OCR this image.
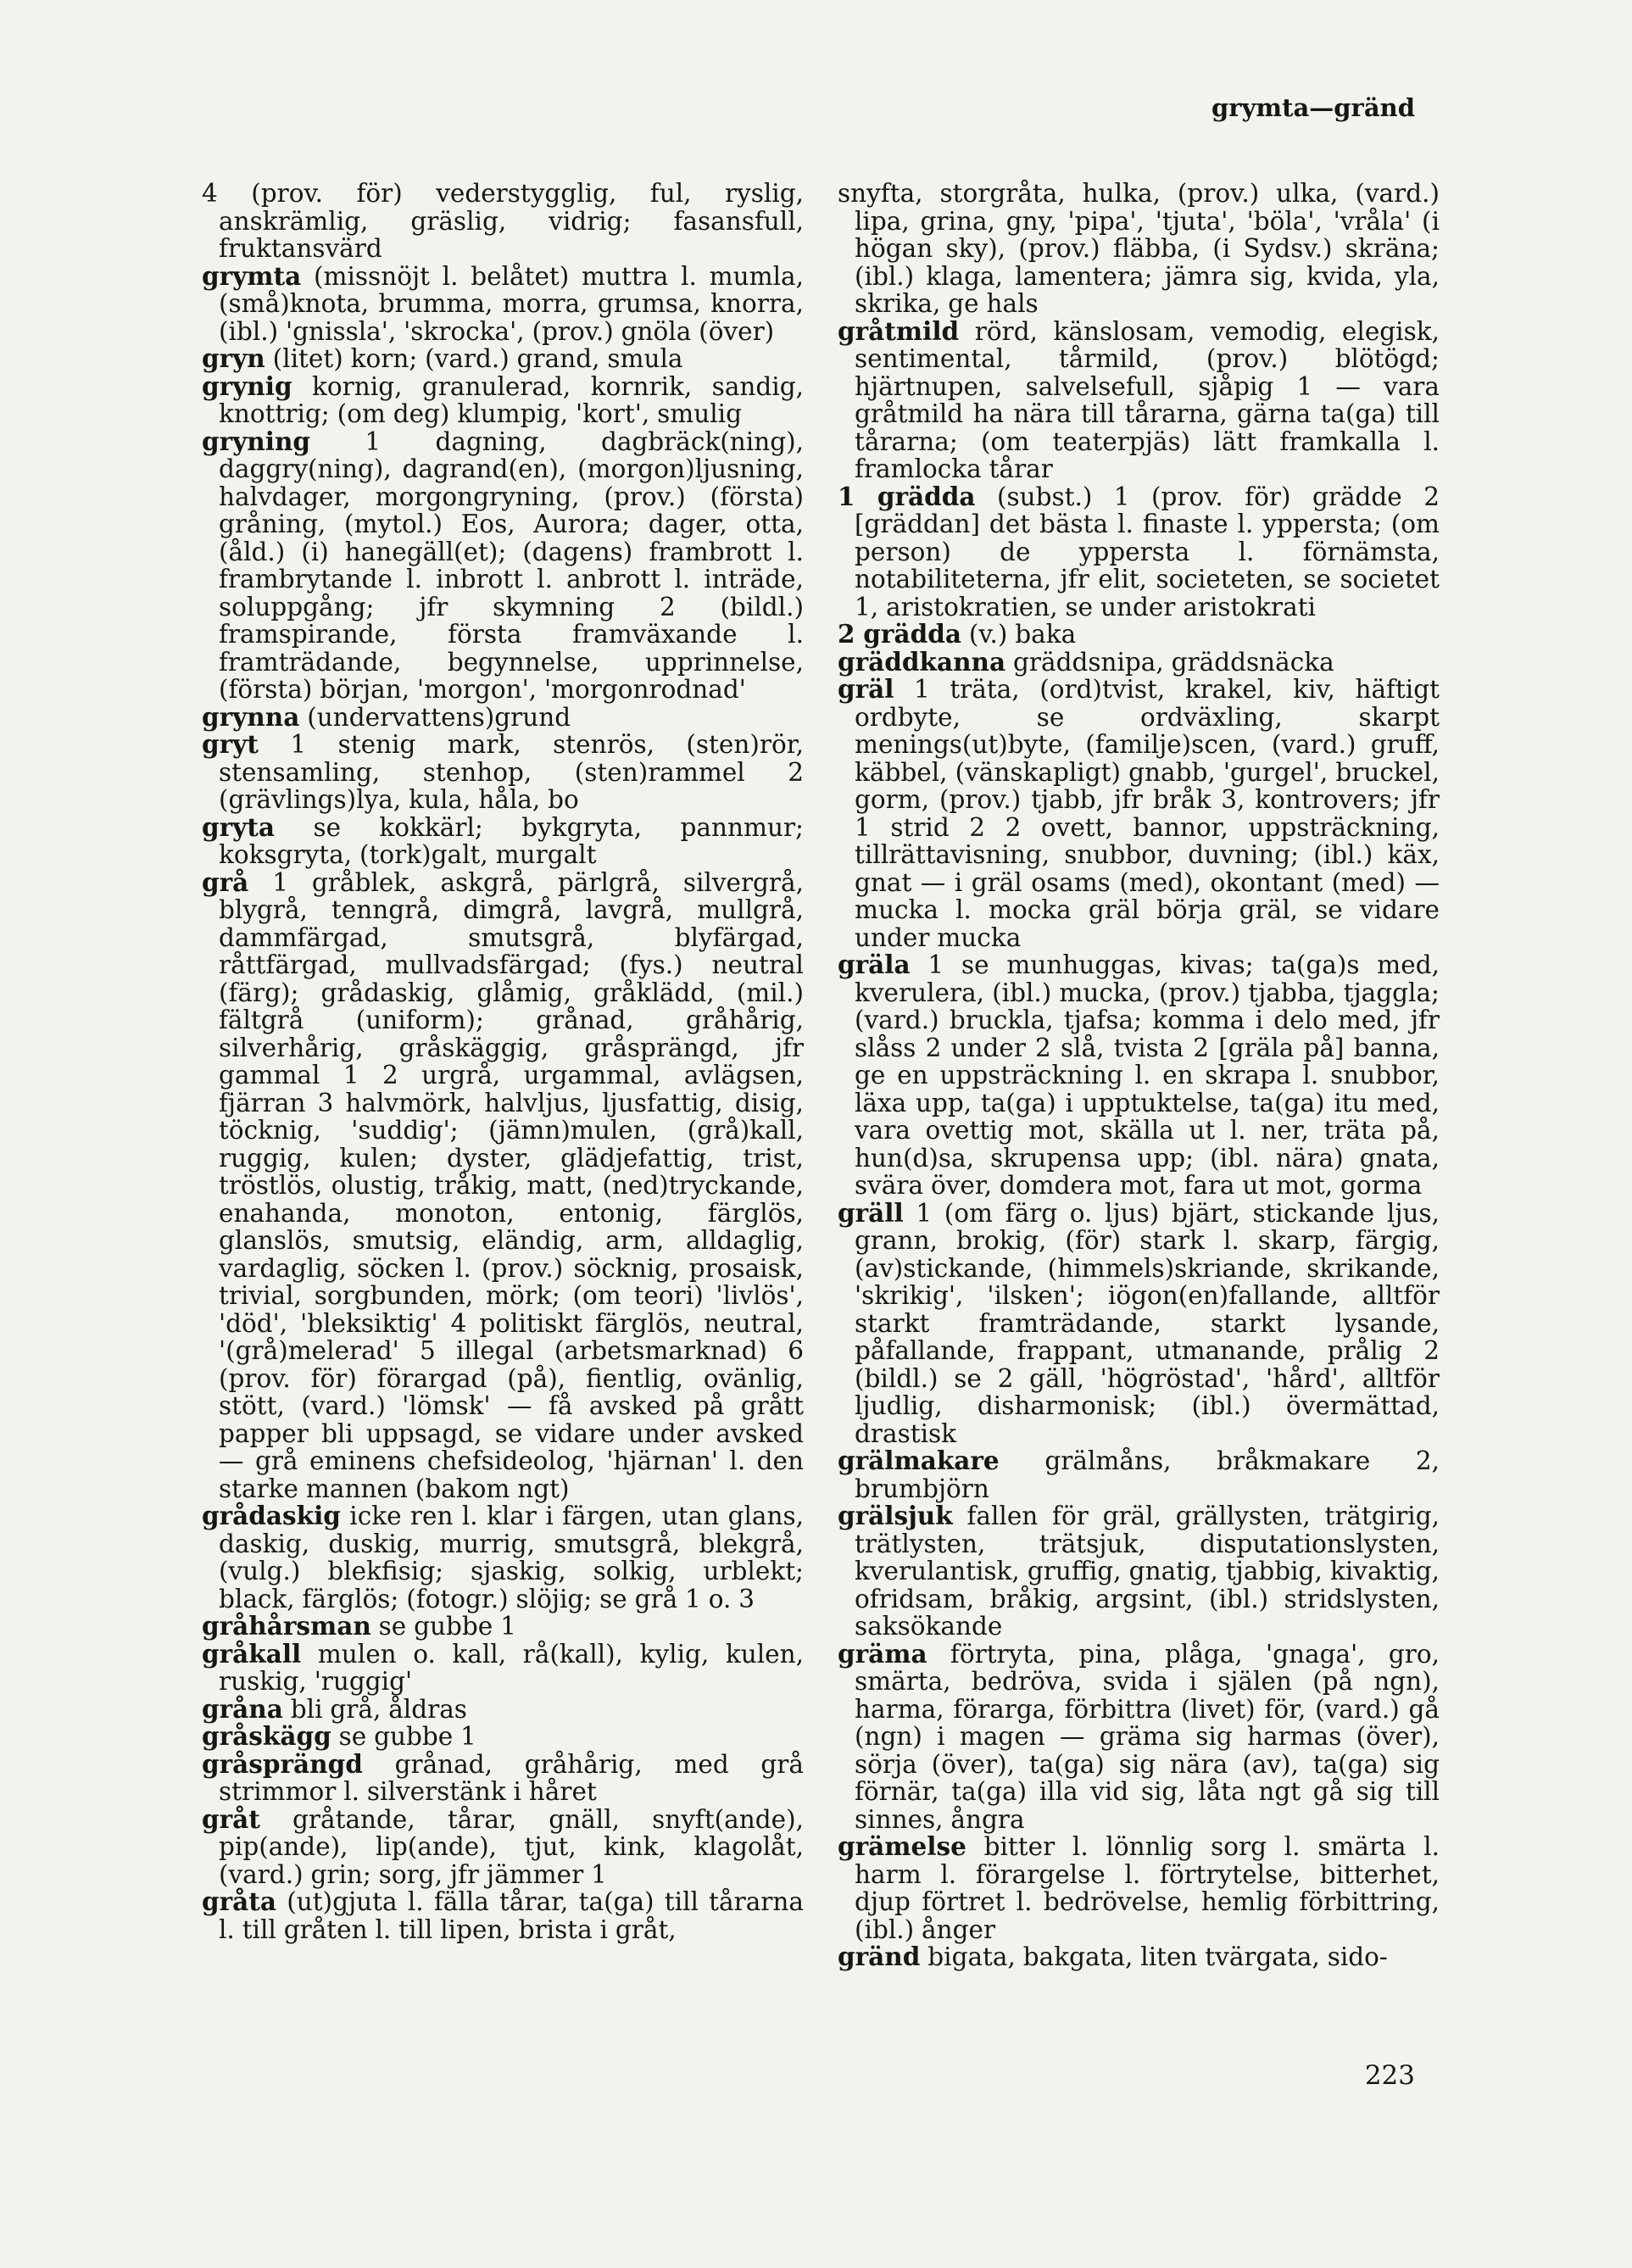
grymta—gränd

4 (prov. för) vederstygglig, ful, ryslig, anskrämlig, gräslig, vidrig; fasansfull, fruktansvärd

grymta (missnöjt l. belåtet) muttra l. mumla, (små)knota, brumma, morra, grumsa, knorra, (ibl.) 'gnissla', 'skrocka', (prov.) gnöla (över)

gryn (litet) korn; (vard.) grand, smula

grynig kornig, granulerad, kornrik, sandig, knottrig; (om deg) klumpig, 'kort', smulig

gryning 1 dagning, dagbräck(ning), daggry(ning), dagrand(en), (morgon)ljusning, halvdager, morgongryning, (prov.) (första) gråning, (mytol.) Eos, Aurora; dager, otta, (åld.) (i) hanegäll(et); (dagens) frambrott l. frambrytande l. inbrott l. anbrott l. inträde, soluppgång; jfr skymning 2 (bildl.) framspirande, första framväxande l. framträdande, begynnelse, upprinnelse, (första) början, 'morgon', 'morgonrodnad'

grynna (undervattens)grund

gryt 1 stenig mark, stenrös, (sten)rör, stensamling, stenhop, (sten)rammel 2 (grävlings)lya, kula, håla, bo

gryta se kokkärl; bykgryta, pannmur; koksgryta, (tork)galt, murgalt

grå 1 gråblek, askgrå, pärlgrå, silvergrå, blygrå, tenngrå, dimgrå, lavgrå, mullgrå, dammfärgad, smutsgrå, blyfärgad, råttfärgad, mullvadsfärgad; (fys.) neutral (färg); grådaskig, glåmig, gråklädd, (mil.) fältgrå (uniform); grånad, gråhårig, silverhårig, gråskäggig, gråsprängd, jfr gammal 1 2 urgrå, urgammal, avlägsen, fjärran 3 halvmörk, halvljus, ljusfattig, disig, töcknig, 'suddig'; (jämn)mulen, (grå)kall, ruggig, kulen; dyster, glädjefattig, trist, tröstlös, olustig, tråkig, matt, (ned)tryckande, enahanda, monoton, entonig, färglös, glanslös, smutsig, eländig, arm, alldaglig, vardaglig, söcken l. (prov.) söcknig, prosaisk, trivial, sorgbunden, mörk; (om teori) 'livlös', 'död', 'bleksiktig' 4 politiskt färglös, neutral, '(grå)melerad' 5 illegal (arbetsmarknad) 6 (prov. för) förargad (på), fientlig, ovänlig, stött, (vard.) 'lömsk' — få avsked på grått papper bli uppsagd, se vidare under avsked — grå eminens chefsideolog, 'hjärnan' l. den starke mannen (bakom ngt)

grådaskig icke ren l. klar i färgen, utan glans, daskig, duskig, murrig, smutsgrå, blekgrå, (vulg.) blekfisig; sjaskig, solkig, urblekt; black, färglös; (fotogr.) slöjig; se grå 1 o. 3

gråhårsman se gubbe 1

gråkall mulen o. kall, rå(kall), kylig, kulen, ruskig, 'ruggig'

gråna bli grå, åldras

gråskägg se gubbe 1

gråsprängd grånad, gråhårig, med grå strimmor l. silverstänk i håret

gråt gråtande, tårar, gnäll, snyft(ande), pip(ande), lip(ande), tjut, kink, klagolåt, (vard.) grin; sorg, jfr jämmer 1

gråta (ut)gjuta l. fälla tårar, ta(ga) till tårarna l. till gråten l. till lipen, brista i gråt,

snyfta, storgråta, hulka, (prov.) ulka, (vard.) lipa, grina, gny, 'pipa', 'tjuta', 'böla', 'vråla' (i högan sky), (prov.) fläbba, (i Sydsv.) skräna; (ibl.) klaga, lamentera; jämra sig, kvida, yla, skrika, ge hals

gråtmild rörd, känslosam, vemodig, elegisk, sentimental, tårmild, (prov.) blötögd; hjärtnupen, salvelsefull, sjåpig 1 — vara gråtmild ha nära till tårarna, gärna ta(ga) till tårarna; (om teaterpjäs) lätt framkalla l. framlocka tårar

1 grädda (subst.) 1 (prov. för) grädde 2 [gräddan] det bästa l. finaste l. yppersta; (om person) de yppersta l. förnämsta, notabiliteterna, jfr elit, societeten, se societet 1, aristokratien, se under aristokrati

2 grädda (v.) baka

gräddkanna gräddsnipa, gräddsnäcka

gräl 1 träta, (ord)tvist, krakel, kiv, häftigt ordbyte, se ordväxling, skarpt menings(ut)byte, (familje)scen, (vard.) gruff, käbbel, (vänskapligt) gnabb, 'gurgel', bruckel, gorm, (prov.) tjabb, jfr bråk 3, kontrovers; jfr 1 strid 2 2 ovett, bannor, uppsträckning, tillrättavisning, snubbor, duvning; (ibl.) käx, gnat — i gräl osams (med), okontant (med) — mucka l. mocka gräl börja gräl, se vidare under mucka

gräla 1 se munhuggas, kivas; ta(ga)s med, kverulera, (ibl.) mucka, (prov.) tjabba, tjaggla; (vard.) bruckla, tjafsa; komma i delo med, jfr slåss 2 under 2 slå, tvista 2 [gräla på] banna, ge en uppsträckning l. en skrapa l. snubbor, läxa upp, ta(ga) i upptuktelse, ta(ga) itu med, vara ovettig mot, skälla ut l. ner, träta på, hun(d)sa, skrupensa upp; (ibl. nära) gnata, svära över, domdera mot, fara ut mot, gorma

gräll 1 (om färg o. ljus) bjärt, stickande ljus, grann, brokig, (för) stark l. skarp, färgig, (av)stickande, (himmels)skriande, skrikande, 'skrikig', 'ilsken'; iögon(en)fallande, alltför starkt framträdande, starkt lysande, påfallande, frappant, utmanande, prålig 2 (bildl.) se 2 gäll, 'högröstad', 'hård', alltför ljudlig, disharmonisk; (ibl.) övermättad, drastisk

grälmakare grälmåns, bråkmakare 2, brumbjörn

grälsjuk fallen för gräl, grällysten, trätgirig, trätlysten, trätsjuk, disputationslysten, kverulantisk, gruffig, gnatig, tjabbig, kivaktig, ofridsam, bråkig, argsint, (ibl.) stridslysten, saksökande

gräma förtryta, pina, plåga, 'gnaga', gro, smärta, bedröva, svida i själen (på ngn), harma, förarga, förbittra (livet) för, (vard.) gå (ngn) i magen — gräma sig harmas (över), sörja (över), ta(ga) sig nära (av), ta(ga) sig förnär, ta(ga) illa vid sig, låta ngt gå sig till sinnes, ångra

grämelse bitter l. lönnlig sorg l. smärta l. harm l. förargelse l. förtrytelse, bitterhet, djup förtret l. bedrövelse, hemlig förbittring, (ibl.) ånger

gränd bigata, bakgata, liten tvärgata, sido-

223
